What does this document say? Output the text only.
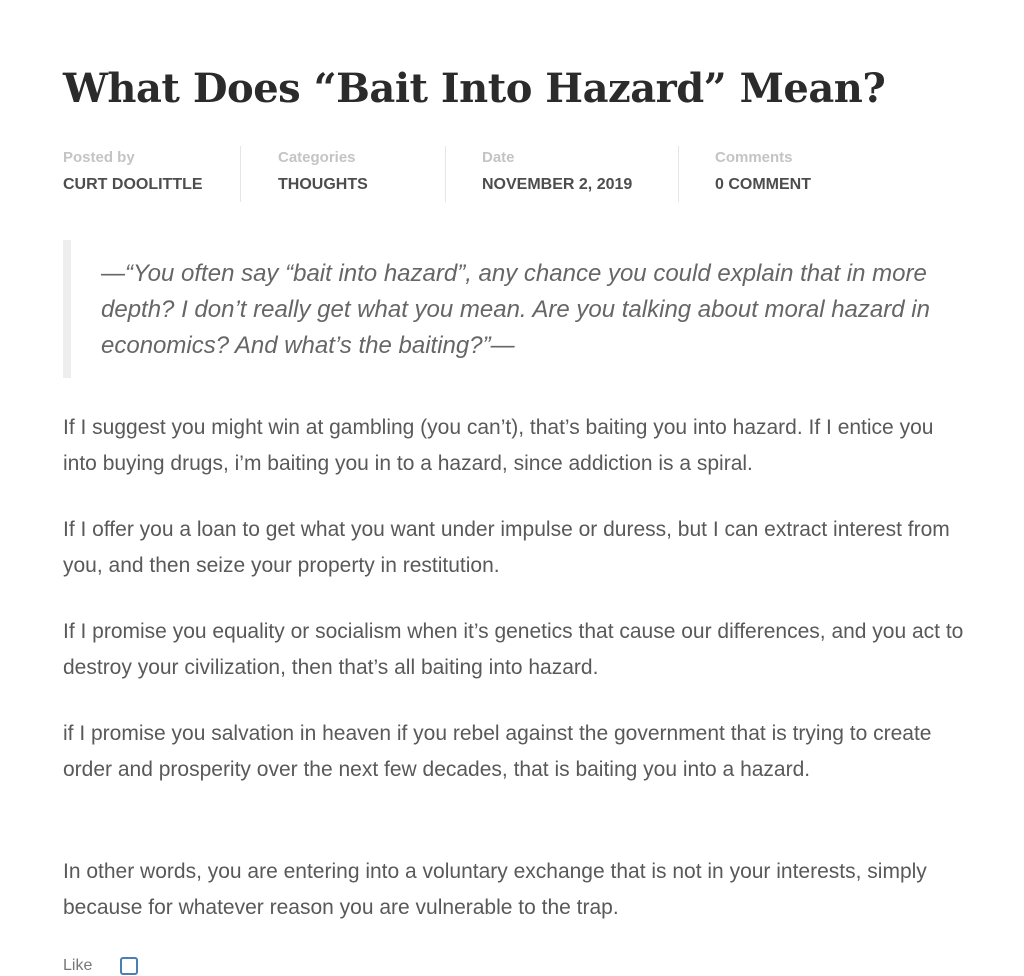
What Does “Bait Into Hazard” Mean?
Posted by
CURT DOOLITTLE
Categories
THOUGHTS
Date
NOVEMBER 2, 2019
Comments
0 COMMENT

—“You often say “bait into hazard”, any chance you could explain that in more depth? I don’t really get what you mean. Are you talking about moral hazard in economics? And what’s the baiting?”—

If I suggest you might win at gambling (you can’t), that’s baiting you into hazard. If I entice you into buying drugs, i’m baiting you in to a hazard, since addiction is a spiral.

If I offer you a loan to get what you want under impulse or duress, but I can extract interest from you, and then seize your property in restitution.

If I promise you equality or socialism when it’s genetics that cause our differences, and you act to destroy your civilization, then that’s all baiting into hazard.

if I promise you salvation in heaven if you rebel against the government that is trying to create order and prosperity over the next few decades, that is baiting you into a hazard.

In other words, you are entering into a voluntary exchange that is not in your interests, simply because for whatever reason you are vulnerable to the trap.

Like
